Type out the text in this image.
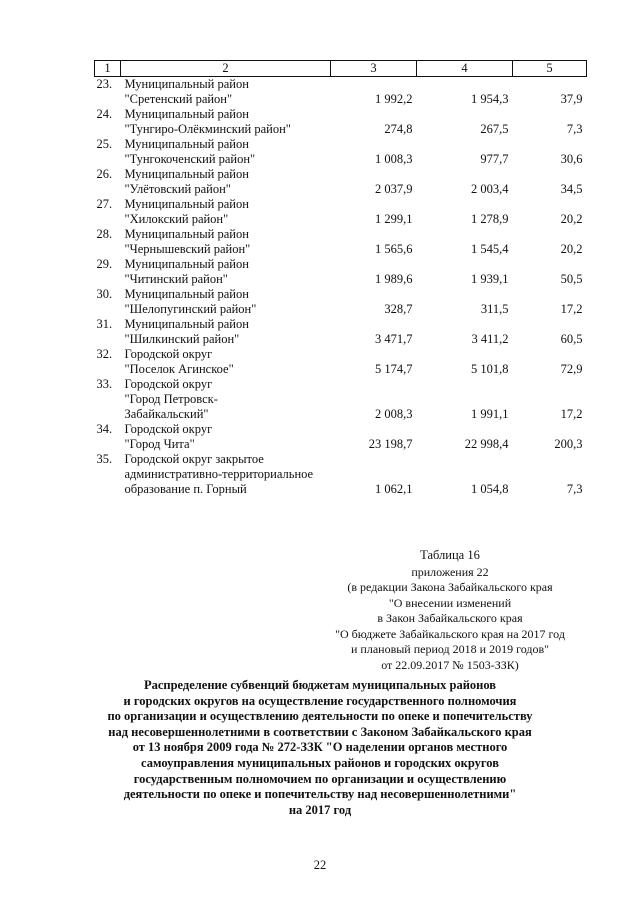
1	2	3	4	5
23.	Муниципальный район
"Сретенский район"	1 992,2	1 954,3	37,9
24.	Муниципальный район
"Тунгиро-Олёкминский район"	274,8	267,5	7,3
25.	Муниципальный район
"Тунгокоченский район"	1 008,3	977,7	30,6
26.	Муниципальный район
"Улётовский район"	2 037,9	2 003,4	34,5
27.	Муниципальный район
"Хилокский район"	1 299,1	1 278,9	20,2
28.	Муниципальный район
"Чернышевский район"	1 565,6	1 545,4	20,2
29.	Муниципальный район
"Читинский район"	1 989,6	1 939,1	50,5
30.	Муниципальный район
"Шелопугинский район"	328,7	311,5	17,2
31.	Муниципальный район
"Шилкинский район"	3 471,7	3 411,2	60,5
32.	Городской округ
"Поселок Агинское"	5 174,7	5 101,8	72,9
33.	Городской округ
"Город Петровск-
Забайкальский"	2 008,3	1 991,1	17,2
34.	Городской округ
"Город Чита"	23 198,7	22 998,4	200,3
35.	Городской округ закрытое
административно-территориальное
образование п. Горный	1 062,1	1 054,8	7,3
Таблица 16
приложения 22
(в редакции Закона Забайкальского края
"О внесении изменений
в Закон Забайкальского края
"О бюджете Забайкальского края на 2017 год
и плановый период 2018 и 2019 годов"
от 22.09.2017 № 1503-ЗЗК)
Распределение субвенций бюджетам муниципальных районов
и городских округов на осуществление государственного полномочия
по организации и осуществлению деятельности по опеке и попечительству
над несовершеннолетними в соответствии с Законом Забайкальского края
от 13 ноября 2009 года № 272-ЗЗК "О наделении органов местного
самоуправления муниципальных районов и городских округов
государственным полномочием по организации и осуществлению
деятельности по опеке и попечительству над несовершеннолетними"
на 2017 год
22
